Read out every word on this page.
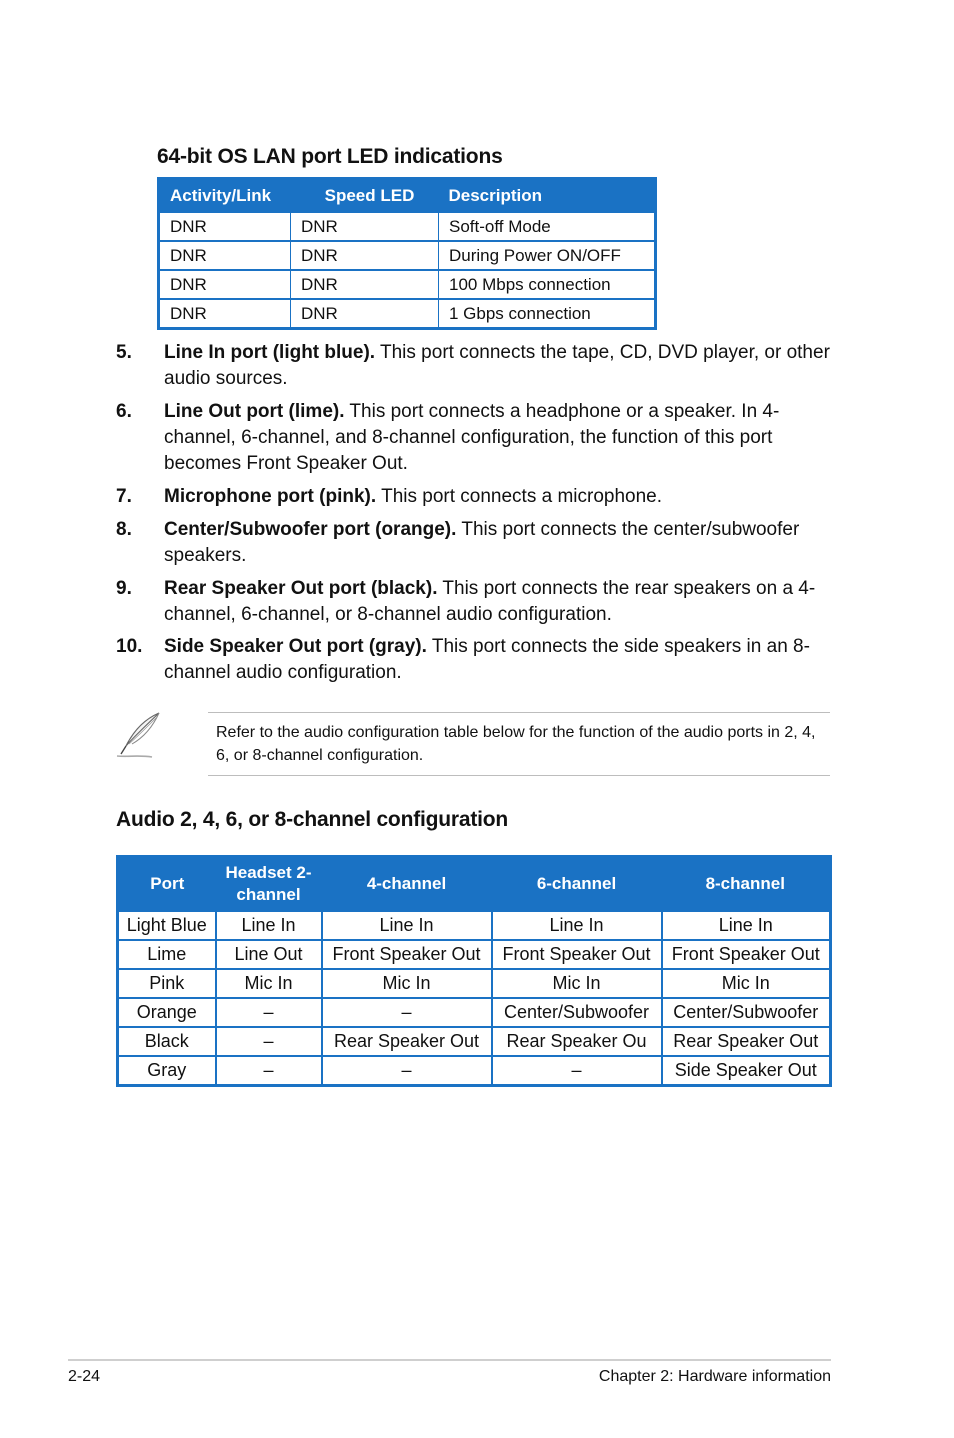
64-bit OS LAN port LED indications
Activity/Link	Speed LED	Description
DNR	DNR	Soft-off Mode
DNR	DNR	During Power ON/OFF
DNR	DNR	100 Mbps connection
DNR	DNR	1 Gbps connection
5. Line In port (light blue). This port connects the tape, CD, DVD player, or other audio sources.
6. Line Out port (lime). This port connects a headphone or a speaker. In 4-channel, 6-channel, and 8-channel configuration, the function of this port becomes Front Speaker Out.
7. Microphone port (pink). This port connects a microphone.
8. Center/Subwoofer port (orange). This port connects the center/subwoofer speakers.
9. Rear Speaker Out port (black). This port connects the rear speakers on a 4-channel, 6-channel, or 8-channel audio configuration.
10. Side Speaker Out port (gray). This port connects the side speakers in an 8-channel audio configuration.
Refer to the audio configuration table below for the function of the audio ports in 2, 4, 6, or 8-channel configuration.
Audio 2, 4, 6, or 8-channel configuration
Port	Headset 2-channel	4-channel	6-channel	8-channel
Light Blue	Line In	Line In	Line In	Line In
Lime	Line Out	Front Speaker Out	Front Speaker Out	Front Speaker Out
Pink	Mic In	Mic In	Mic In	Mic In
Orange	–	–	Center/Subwoofer	Center/Subwoofer
Black	–	Rear Speaker Out	Rear Speaker Ou	Rear Speaker Out
Gray	–	–	–	Side Speaker Out
2-24	Chapter 2: Hardware information
